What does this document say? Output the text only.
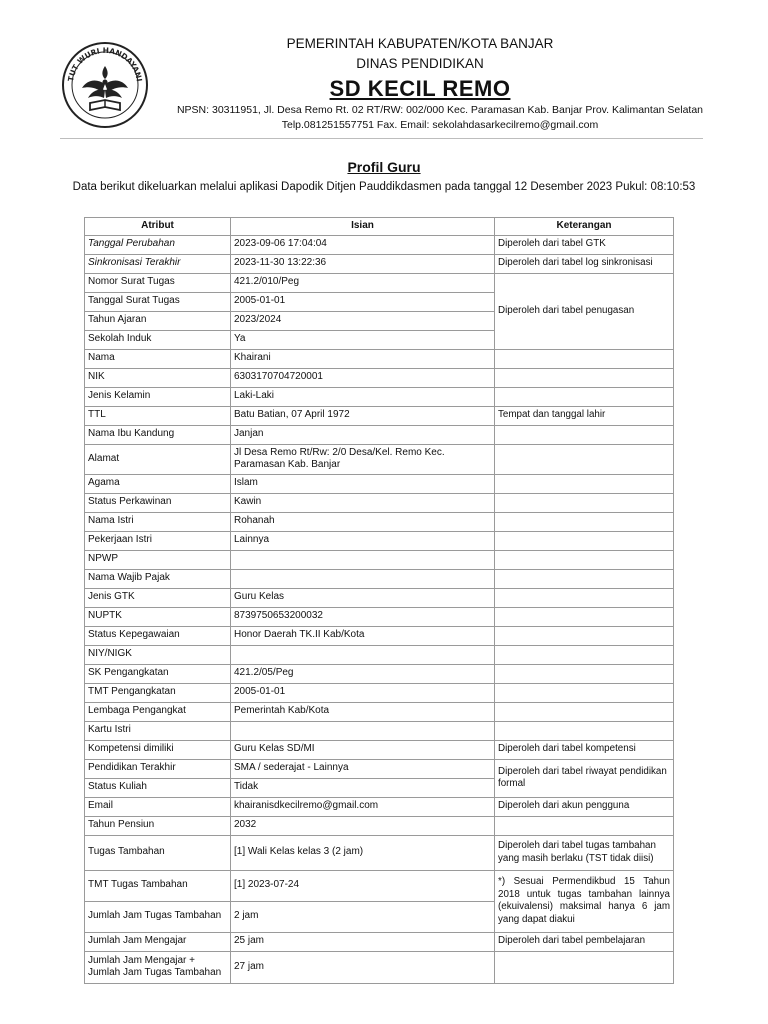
TUT WURI HANDAYANI
PEMERINTAH KABUPATEN/KOTA BANJAR
DINAS PENDIDIKAN
SD KECIL REMO
NPSN: 30311951, Jl. Desa Remo Rt. 02 RT/RW: 002/000 Kec. Paramasan Kab. Banjar Prov. Kalimantan Selatan
Telp.081251557751 Fax. Email: sekolahdasarkecilremo@gmail.com
Profil Guru
Data berikut dikeluarkan melalui aplikasi Dapodik Ditjen Pauddikdasmen pada tanggal 12 Desember 2023 Pukul: 08:10:53
Atribut	Isian	Keterangan
Tanggal Perubahan	2023-09-06 17:04:04	Diperoleh dari tabel GTK
Sinkronisasi Terakhir	2023-11-30 13:22:36	Diperoleh dari tabel log sinkronisasi
Nomor Surat Tugas	421.2/010/Peg	Diperoleh dari tabel penugasan
Tanggal Surat Tugas	2005-01-01	
Tahun Ajaran	2023/2024	
Sekolah Induk	Ya	
Nama	Khairani	
NIK	6303170704720001	
Jenis Kelamin	Laki-Laki	
TTL	Batu Batian, 07 April 1972	Tempat dan tanggal lahir
Nama Ibu Kandung	Janjan	
Alamat	Jl Desa Remo Rt/Rw: 2/0 Desa/Kel. Remo Kec. Paramasan Kab. Banjar	
Agama	Islam	
Status Perkawinan	Kawin	
Nama Istri	Rohanah	
Pekerjaan Istri	Lainnya	
NPWP		
Nama Wajib Pajak		
Jenis GTK	Guru Kelas	
NUPTK	8739750653200032	
Status Kepegawaian	Honor Daerah TK.II Kab/Kota	
NIY/NIGK		
SK Pengangkatan	421.2/05/Peg	
TMT Pengangkatan	2005-01-01	
Lembaga Pengangkat	Pemerintah Kab/Kota	
Kartu Istri		
Kompetensi dimiliki	Guru Kelas SD/MI	Diperoleh dari tabel kompetensi
Pendidikan Terakhir	SMA / sederajat - Lainnya	Diperoleh dari tabel riwayat pendidikan formal
Status Kuliah	Tidak	
Email	khairanisdkecilremo@gmail.com	Diperoleh dari akun pengguna
Tahun Pensiun	2032	
Tugas Tambahan	[1] Wali Kelas kelas 3 (2 jam)	Diperoleh dari tabel tugas tambahan yang masih berlaku (TST tidak diisi)
TMT Tugas Tambahan	[1] 2023-07-24	*) Sesuai Permendikbud 15 Tahun 2018 untuk tugas tambahan lainnya (ekuivalensi) maksimal hanya 6 jam yang dapat diakui
Jumlah Jam Tugas Tambahan	2 jam	
Jumlah Jam Mengajar	25 jam	Diperoleh dari tabel pembelajaran
Jumlah Jam Mengajar + Jumlah Jam Tugas Tambahan	27 jam	
